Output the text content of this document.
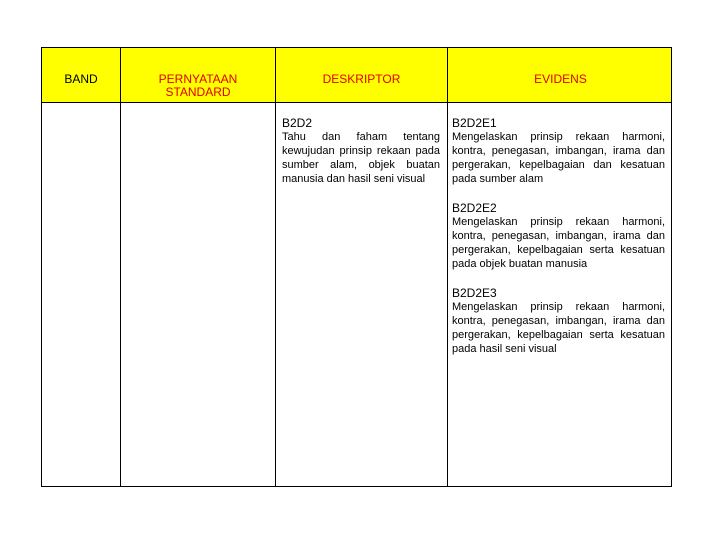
BAND	PERNYATAAN STANDARD
DESKRIPTOR	EVIDENS
B2D2
Tahu dan faham tentang kewujudan prinsip rekaan pada sumber alam, objek buatan manusia dan hasil seni visual
B2D2E1
Mengelaskan prinsip rekaan harmoni, kontra, penegasan, imbangan, irama dan pergerakan, kepelbagaian dan kesatuan pada sumber alam
B2D2E2
Mengelaskan prinsip rekaan harmoni, kontra, penegasan, imbangan, irama dan pergerakan, kepelbagaian serta kesatuan pada objek buatan manusia
B2D2E3
Mengelaskan prinsip rekaan harmoni, kontra, penegasan, imbangan, irama dan pergerakan, kepelbagaian serta kesatuan pada hasil seni visual
